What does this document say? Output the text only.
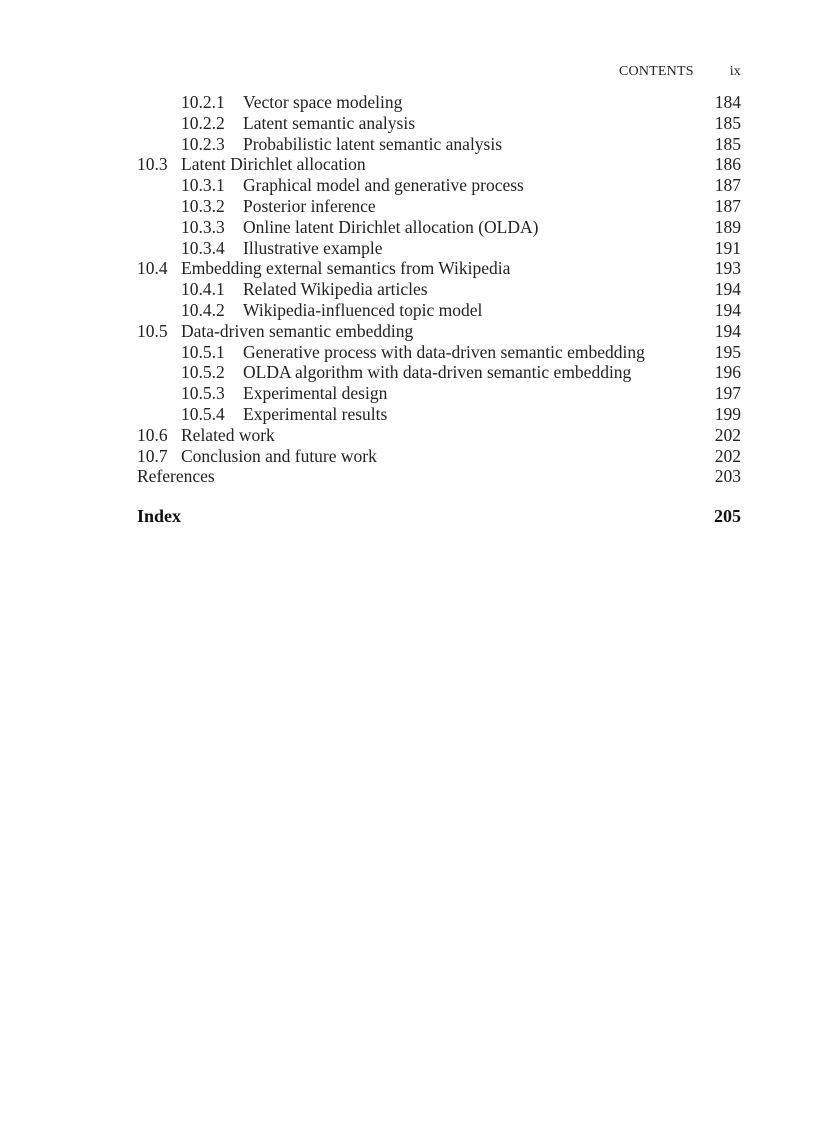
CONTENTS	ix
10.2.1 Vector space modeling	184
10.2.2 Latent semantic analysis	185
10.2.3 Probabilistic latent semantic analysis	185
10.3 Latent Dirichlet allocation	186
10.3.1 Graphical model and generative process	187
10.3.2 Posterior inference	187
10.3.3 Online latent Dirichlet allocation (OLDA)	189
10.3.4 Illustrative example	191
10.4 Embedding external semantics from Wikipedia	193
10.4.1 Related Wikipedia articles	194
10.4.2 Wikipedia-influenced topic model	194
10.5 Data-driven semantic embedding	194
10.5.1 Generative process with data-driven semantic embedding	195
10.5.2 OLDA algorithm with data-driven semantic embedding	196
10.5.3 Experimental design	197
10.5.4 Experimental results	199
10.6 Related work	202
10.7 Conclusion and future work	202
References	203
Index	205
